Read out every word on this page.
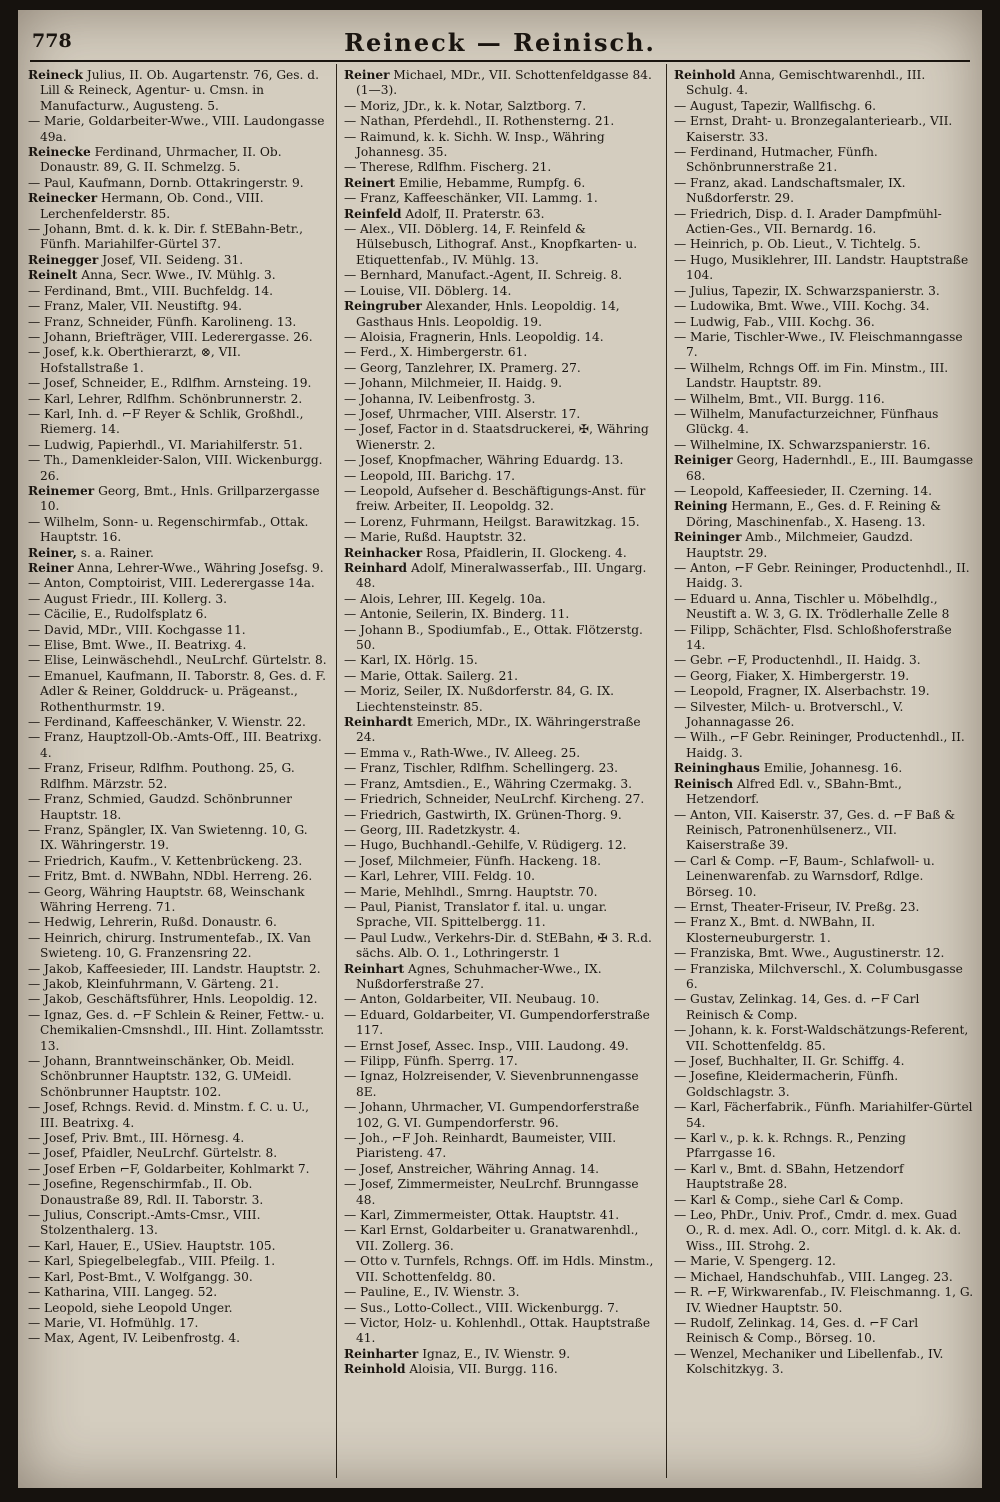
778	Reineck — Reinisch.

Reineck Julius, II. Ob. Augartenstr. 76, Ges. d. Lill & Reineck, Agentur- u. Cmsn. in Manufacturw., Augusteng. 5.

— Marie, Goldarbeiter-Wwe., VIII. Laudongasse 49a.

Reinecke Ferdinand, Uhrmacher, II. Ob. Donaustr. 89, G. II. Schmelzg. 5.

— Paul, Kaufmann, Dornb. Ottakringerstr. 9.

Reinecker Hermann, Ob. Cond., VIII. Lerchenfelderstr. 85.

— Johann, Bmt. d. k. k. Dir. f. StEBahn-Betr., Fünfh. Mariahilfer-Gürtel 37.

Reinegger Josef, VII. Seideng. 31.

Reinelt Anna, Secr. Wwe., IV. Mühlg. 3.

— Ferdinand, Bmt., VIII. Buchfeldg. 14.

— Franz, Maler, VII. Neustiftg. 94.

— Franz, Schneider, Fünfh. Karolineng. 13.

— Johann, Briefträger, VIII. Lederergasse. 26.

— Josef, k.k. Oberthierarzt, ⊗, VII. Hofstallstraße 1.

— Josef, Schneider, E., Rdlfhm. Arnsteing. 19.

— Karl, Lehrer, Rdlfhm. Schönbrunnerstr. 2.

— Karl, Inh. d. ⌐F Reyer & Schlik, Großhdl., Riemerg. 14.

— Ludwig, Papierhdl., VI. Mariahilferstr. 51.

— Th., Damenkleider-Salon, VIII. Wickenburgg. 26.

Reinemer Georg, Bmt., Hnls. Grillparzergasse 10.

— Wilhelm, Sonn- u. Regenschirmfab., Ottak. Hauptstr. 16.

Reiner, s. a. Rainer.

Reiner Anna, Lehrer-Wwe., Währing Josefsg. 9.

— Anton, Comptoirist, VIII. Lederergasse 14a.

— August Friedr., III. Kollerg. 3.

— Cäcilie, E., Rudolfsplatz 6.

— David, MDr., VIII. Kochgasse 11.

— Elise, Bmt. Wwe., II. Beatrixg. 4.

— Elise, Leinwäschehdl., NeuLrchf. Gürtelstr. 8.

— Emanuel, Kaufmann, II. Taborstr. 8, Ges. d. F. Adler & Reiner, Golddruck- u. Prägeanst., Rothenthurmstr. 19.

— Ferdinand, Kaffeeschänker, V. Wienstr. 22.

— Franz, Hauptzoll-Ob.-Amts-Off., III. Beatrixg. 4.

— Franz, Friseur, Rdlfhm. Pouthong. 25, G. Rdlfhm. Märzstr. 52.

— Franz, Schmied, Gaudzd. Schönbrunner Hauptstr. 18.

— Franz, Spängler, IX. Van Swietenng. 10, G. IX. Währingerstr. 19.

— Friedrich, Kaufm., V. Kettenbrückeng. 23.

— Fritz, Bmt. d. NWBahn, NDbl. Herreng. 26.

— Georg, Währing Hauptstr. 68, Weinschank Währing Herreng. 71.

— Hedwig, Lehrerin, Rußd. Donaustr. 6.

— Heinrich, chirurg. Instrumentefab., IX. Van Swieteng. 10, G. Franzensring 22.

— Jakob, Kaffeesieder, III. Landstr. Hauptstr. 2.

— Jakob, Kleinfuhrmann, V. Gärteng. 21.

— Jakob, Geschäftsführer, Hnls. Leopoldig. 12.

— Ignaz, Ges. d. ⌐F Schlein & Reiner, Fettw.- u. Chemikalien-Cmsnshdl., III. Hint. Zollamtsstr. 13.

— Johann, Branntweinschänker, Ob. Meidl. Schönbrunner Hauptstr. 132, G. UMeidl. Schönbrunner Hauptstr. 102.

— Josef, Rchngs. Revid. d. Minstm. f. C. u. U., III. Beatrixg. 4.

— Josef, Priv. Bmt., III. Hörnesg. 4.

— Josef, Pfaidler, NeuLrchf. Gürtelstr. 8.

— Josef Erben ⌐F, Goldarbeiter, Kohlmarkt 7.

— Josefine, Regenschirmfab., II. Ob. Donaustraße 89, Rdl. II. Taborstr. 3.

— Julius, Conscript.-Amts-Cmsr., VIII. Stolzenthalerg. 13.

— Karl, Hauer, E., USiev. Hauptstr. 105.

— Karl, Spiegelbelegfab., VIII. Pfeilg. 1.

— Karl, Post-Bmt., V. Wolfgangg. 30.

— Katharina, VIII. Langeg. 52.

— Leopold, siehe Leopold Unger.

— Marie, VI. Hofmühlg. 17.

— Max, Agent, IV. Leibenfrostg. 4.

Reiner Michael, MDr., VII. Schottenfeldgasse 84. (1—3).

— Moriz, JDr., k. k. Notar, Salztborg. 7.

— Nathan, Pferdehdl., II. Rothensterng. 21.

— Raimund, k. k. Sichh. W. Insp., Währing Johannesg. 35.

— Therese, Rdlfhm. Fischerg. 21.

Reinert Emilie, Hebamme, Rumpfg. 6.

— Franz, Kaffeeschänker, VII. Lammg. 1.

Reinfeld Adolf, II. Praterstr. 63.

— Alex., VII. Döblerg. 14, F. Reinfeld & Hülsebusch, Lithograf. Anst., Knopfkarten- u. Etiquettenfab., IV. Mühlg. 13.

— Bernhard, Manufact.-Agent, II. Schreig. 8.

— Louise, VII. Döblerg. 14.

Reingruber Alexander, Hnls. Leopoldig. 14, Gasthaus Hnls. Leopoldig. 19.

— Aloisia, Fragnerin, Hnls. Leopoldig. 14.

— Ferd., X. Himbergerstr. 61.

— Georg, Tanzlehrer, IX. Pramerg. 27.

— Johann, Milchmeier, II. Haidg. 9.

— Johanna, IV. Leibenfrostg. 3.

— Josef, Uhrmacher, VIII. Alserstr. 17.

— Josef, Factor in d. Staatsdruckerei, ✠, Währing Wienerstr. 2.

— Josef, Knopfmacher, Währing Eduardg. 13.

— Leopold, III. Barichg. 17.

— Leopold, Aufseher d. Beschäftigungs-Anst. für freiw. Arbeiter, II. Leopoldg. 32.

— Lorenz, Fuhrmann, Heilgst. Barawitzkag. 15.

— Marie, Rußd. Hauptstr. 32.

Reinhacker Rosa, Pfaidlerin, II. Glockeng. 4.

Reinhard Adolf, Mineralwasserfab., III. Ungarg. 48.

— Alois, Lehrer, III. Kegelg. 10a.

— Antonie, Seilerin, IX. Binderg. 11.

— Johann B., Spodiumfab., E., Ottak. Flötzerstg. 50.

— Karl, IX. Hörlg. 15.

— Marie, Ottak. Sailerg. 21.

— Moriz, Seiler, IX. Nußdorferstr. 84, G. IX. Liechtensteinstr. 85.

Reinhardt Emerich, MDr., IX. Währingerstraße 24.

— Emma v., Rath-Wwe., IV. Alleeg. 25.

— Franz, Tischler, Rdlfhm. Schellingerg. 23.

— Franz, Amtsdien., E., Währing Czermakg. 3.

— Friedrich, Schneider, NeuLrchf. Kircheng. 27.

— Friedrich, Gastwirth, IX. Grünen-Thorg. 9.

— Georg, III. Radetzkystr. 4.

— Hugo, Buchhandl.-Gehilfe, V. Rüdigerg. 12.

— Josef, Milchmeier, Fünfh. Hackeng. 18.

— Karl, Lehrer, VIII. Feldg. 10.

— Marie, Mehlhdl., Smrng. Hauptstr. 70.

— Paul, Pianist, Translator f. ital. u. ungar. Sprache, VII. Spittelbergg. 11.

— Paul Ludw., Verkehrs-Dir. d. StEBahn, ✠ 3. R.d. sächs. Alb. O. 1., Lothringerstr. 1

Reinhart Agnes, Schuhmacher-Wwe., IX. Nußdorferstraße 27.

— Anton, Goldarbeiter, VII. Neubaug. 10.

— Eduard, Goldarbeiter, VI. Gumpendorferstraße 117.

— Ernst Josef, Assec. Insp., VIII. Laudong. 49.

— Filipp, Fünfh. Sperrg. 17.

— Ignaz, Holzreisender, V. Sievenbrunnengasse 8E.

— Johann, Uhrmacher, VI. Gumpendorferstraße 102, G. VI. Gumpendorferstr. 96.

— Joh., ⌐F Joh. Reinhardt, Baumeister, VIII. Piaristeng. 47.

— Josef, Anstreicher, Währing Annag. 14.

— Josef, Zimmermeister, NeuLrchf. Brunngasse 48.

— Karl, Zimmermeister, Ottak. Hauptstr. 41.

— Karl Ernst, Goldarbeiter u. Granatwarenhdl., VII. Zollerg. 36.

— Otto v. Turnfels, Rchngs. Off. im Hdls. Minstm., VII. Schottenfeldg. 80.

— Pauline, E., IV. Wienstr. 3.

— Sus., Lotto-Collect., VIII. Wickenburgg. 7.

— Victor, Holz- u. Kohlenhdl., Ottak. Hauptstraße 41.

Reinharter Ignaz, E., IV. Wienstr. 9.

Reinhold Aloisia, VII. Burgg. 116.

Reinhold Anna, Gemischtwarenhdl., III. Schulg. 4.

— August, Tapezir, Wallfischg. 6.

— Ernst, Draht- u. Bronzegalanteriearb., VII. Kaiserstr. 33.

— Ferdinand, Hutmacher, Fünfh. Schönbrunnerstraße 21.

— Franz, akad. Landschaftsmaler, IX. Nußdorferstr. 29.

— Friedrich, Disp. d. I. Arader Dampfmühl-Actien-Ges., VII. Bernardg. 16.

— Heinrich, p. Ob. Lieut., V. Tichtelg. 5.

— Hugo, Musiklehrer, III. Landstr. Hauptstraße 104.

— Julius, Tapezir, IX. Schwarzspanierstr. 3.

— Ludowika, Bmt. Wwe., VIII. Kochg. 34.

— Ludwig, Fab., VIII. Kochg. 36.

— Marie, Tischler-Wwe., IV. Fleischmanngasse 7.

— Wilhelm, Rchngs Off. im Fin. Minstm., III. Landstr. Hauptstr. 89.

— Wilhelm, Bmt., VII. Burgg. 116.

— Wilhelm, Manufacturzeichner, Fünfhaus Glückg. 4.

— Wilhelmine, IX. Schwarzspanierstr. 16.

Reiniger Georg, Hadernhdl., E., III. Baumgasse 68.

— Leopold, Kaffeesieder, II. Czerning. 14.

Reining Hermann, E., Ges. d. F. Reining & Döring, Maschinenfab., X. Haseng. 13.

Reininger Amb., Milchmeier, Gaudzd. Hauptstr. 29.

— Anton, ⌐F Gebr. Reininger, Productenhdl., II. Haidg. 3.

— Eduard u. Anna, Tischler u. Möbelhdlg., Neustift a. W. 3, G. IX. Trödlerhalle Zelle 8

— Filipp, Schächter, Flsd. Schloßhoferstraße 14.

— Gebr. ⌐F, Productenhdl., II. Haidg. 3.

— Georg, Fiaker, X. Himbergerstr. 19.

— Leopold, Fragner, IX. Alserbachstr. 19.

— Silvester, Milch- u. Brotverschl., V. Johannagasse 26.

— Wilh., ⌐F Gebr. Reininger, Productenhdl., II. Haidg. 3.

Reininghaus Emilie, Johannesg. 16.

Reinisch Alfred Edl. v., SBahn-Bmt., Hetzendorf.

— Anton, VII. Kaiserstr. 37, Ges. d. ⌐F Baß & Reinisch, Patronenhülsenerz., VII. Kaiserstraße 39.

— Carl & Comp. ⌐F, Baum-, Schlafwoll- u. Leinenwarenfab. zu Warnsdorf, Rdlge. Börseg. 10.

— Ernst, Theater-Friseur, IV. Preßg. 23.

— Franz X., Bmt. d. NWBahn, II. Klosterneuburgerstr. 1.

— Franziska, Bmt. Wwe., Augustinerstr. 12.

— Franziska, Milchverschl., X. Columbusgasse 6.

— Gustav, Zelinkag. 14, Ges. d. ⌐F Carl Reinisch & Comp.

— Johann, k. k. Forst-Waldschätzungs-Referent, VII. Schottenfeldg. 85.

— Josef, Buchhalter, II. Gr. Schiffg. 4.

— Josefine, Kleidermacherin, Fünfh. Goldschlagstr. 3.

— Karl, Fächerfabrik., Fünfh. Mariahilfer-Gürtel 54.

— Karl v., p. k. k. Rchngs. R., Penzing Pfarrgasse 16.

— Karl v., Bmt. d. SBahn, Hetzendorf Hauptstraße 28.

— Karl & Comp., siehe Carl & Comp.

— Leo, PhDr., Univ. Prof., Cmdr. d. mex. Guad O., R. d. mex. Adl. O., corr. Mitgl. d. k. Ak. d. Wiss., III. Strohg. 2.

— Marie, V. Spengerg. 12.

— Michael, Handschuhfab., VIII. Langeg. 23.

— R. ⌐F, Wirkwarenfab., IV. Fleischmanng. 1, G. IV. Wiedner Hauptstr. 50.

— Rudolf, Zelinkag. 14, Ges. d. ⌐F Carl Reinisch & Comp., Börseg. 10.

— Wenzel, Mechaniker und Libellenfab., IV. Kolschitzkyg. 3.
